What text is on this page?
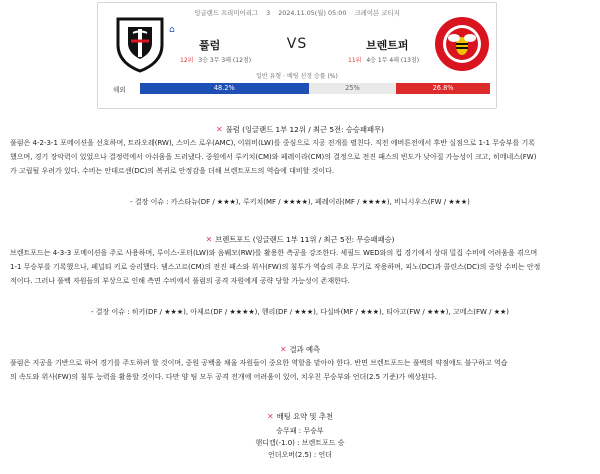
잉글랜드 프리미어리그 3 2024.11.05(월) 05:00 크레이븐 코티지
⌂
풀럼	VS	브렌트퍼
12위 3승 3무 3패 (12점)	11위 4승 1무 4패 (13점)
일반 유형 · 배팅 선정 승률 (%)
해외	48.2%	25%	26.8%
✕ 풀럼 (잉글랜드 1부 12위 / 최근 5전: 승승패패무)
풀럼은 4-2-3-1 포메이션을 선호하며, 트라오레(RW), 스미스 로우(AMC), 이워비(LW)를 중심으로 지공 전개를 펼친다. 직전 에버튼전에서 후반 실점으로 1-1 무승부를 기록
했으며, 경기 장악력이 있었으나 결정력에서 아쉬움을 드러냈다. 중원에서 루키치(CM)와 페레이라(CM)의 결정으로 전진 패스의 빈도가 낮아질 가능성이 크고, 히메네스(FW)
가 고립될 우려가 있다. 수비는 안데르센(DC)의 복귀로 안정감을 더해 브렌트포드의 역습에 대비할 것이다.
- 결장 이슈 : 카스타뉴(DF / ★★★), 루키치(MF / ★★★★), 페레이라(MF / ★★★★), 비니시우스(FW / ★★★)
✕ 브렌트포드 (잉글랜드 1부 11위 / 최근 5전: 무승패패승)
브렌트포드는 4-3-3 포메이션을 주로 사용하며, 루이스-포터(LW)와 음붸모(RW)를 활용한 측공을 강조한다. 셰필드 WED와의 컵 경기에서 상대 밀집 수비에 어려움을 겪으며
1-1 무승부를 기록했으나, 페널티 키로 승리했다. 댐스고르(CM)의 전진 패스와 위사(FW)의 침투가 역습의 주요 무기로 작용하며, 피노(DC)과 콜린스(DC)의 중앙 수비는 안정
적이다. 그러나 풀백 자원들의 부상으로 인해 측면 수비에서 풀럼의 공격 자원에게 공략 당할 가능성이 존재한다.
- 결장 이슈 : 히키(DF / ★★★), 아제르(DF / ★★★★), 헨리(DF / ★★★), 다실바(MF / ★★★), 티아고(FW / ★★★), 고메스(FW / ★★)
✕ 결과 예측
풀럼은 지공을 기반으로 하여 경기를 주도하려 할 것이며, 중원 공백을 채울 자원들이 중요한 역할을 맡아야 한다. 반면 브렌트포드는 풀백의 약점에도 불구하고 역습
의 속도와 위사(FW)의 침투 능력을 활용할 것이다. 다만 양 팀 모두 공격 전개에 어려움이 있어, 치우친 무승부와 언더(2.5 기준)가 예상된다.
✕ 배팅 요약 및 추천
승무패 : 무승부
핸디캡(-1.0) : 브렌트포드 승
언더오버(2.5) : 언더
